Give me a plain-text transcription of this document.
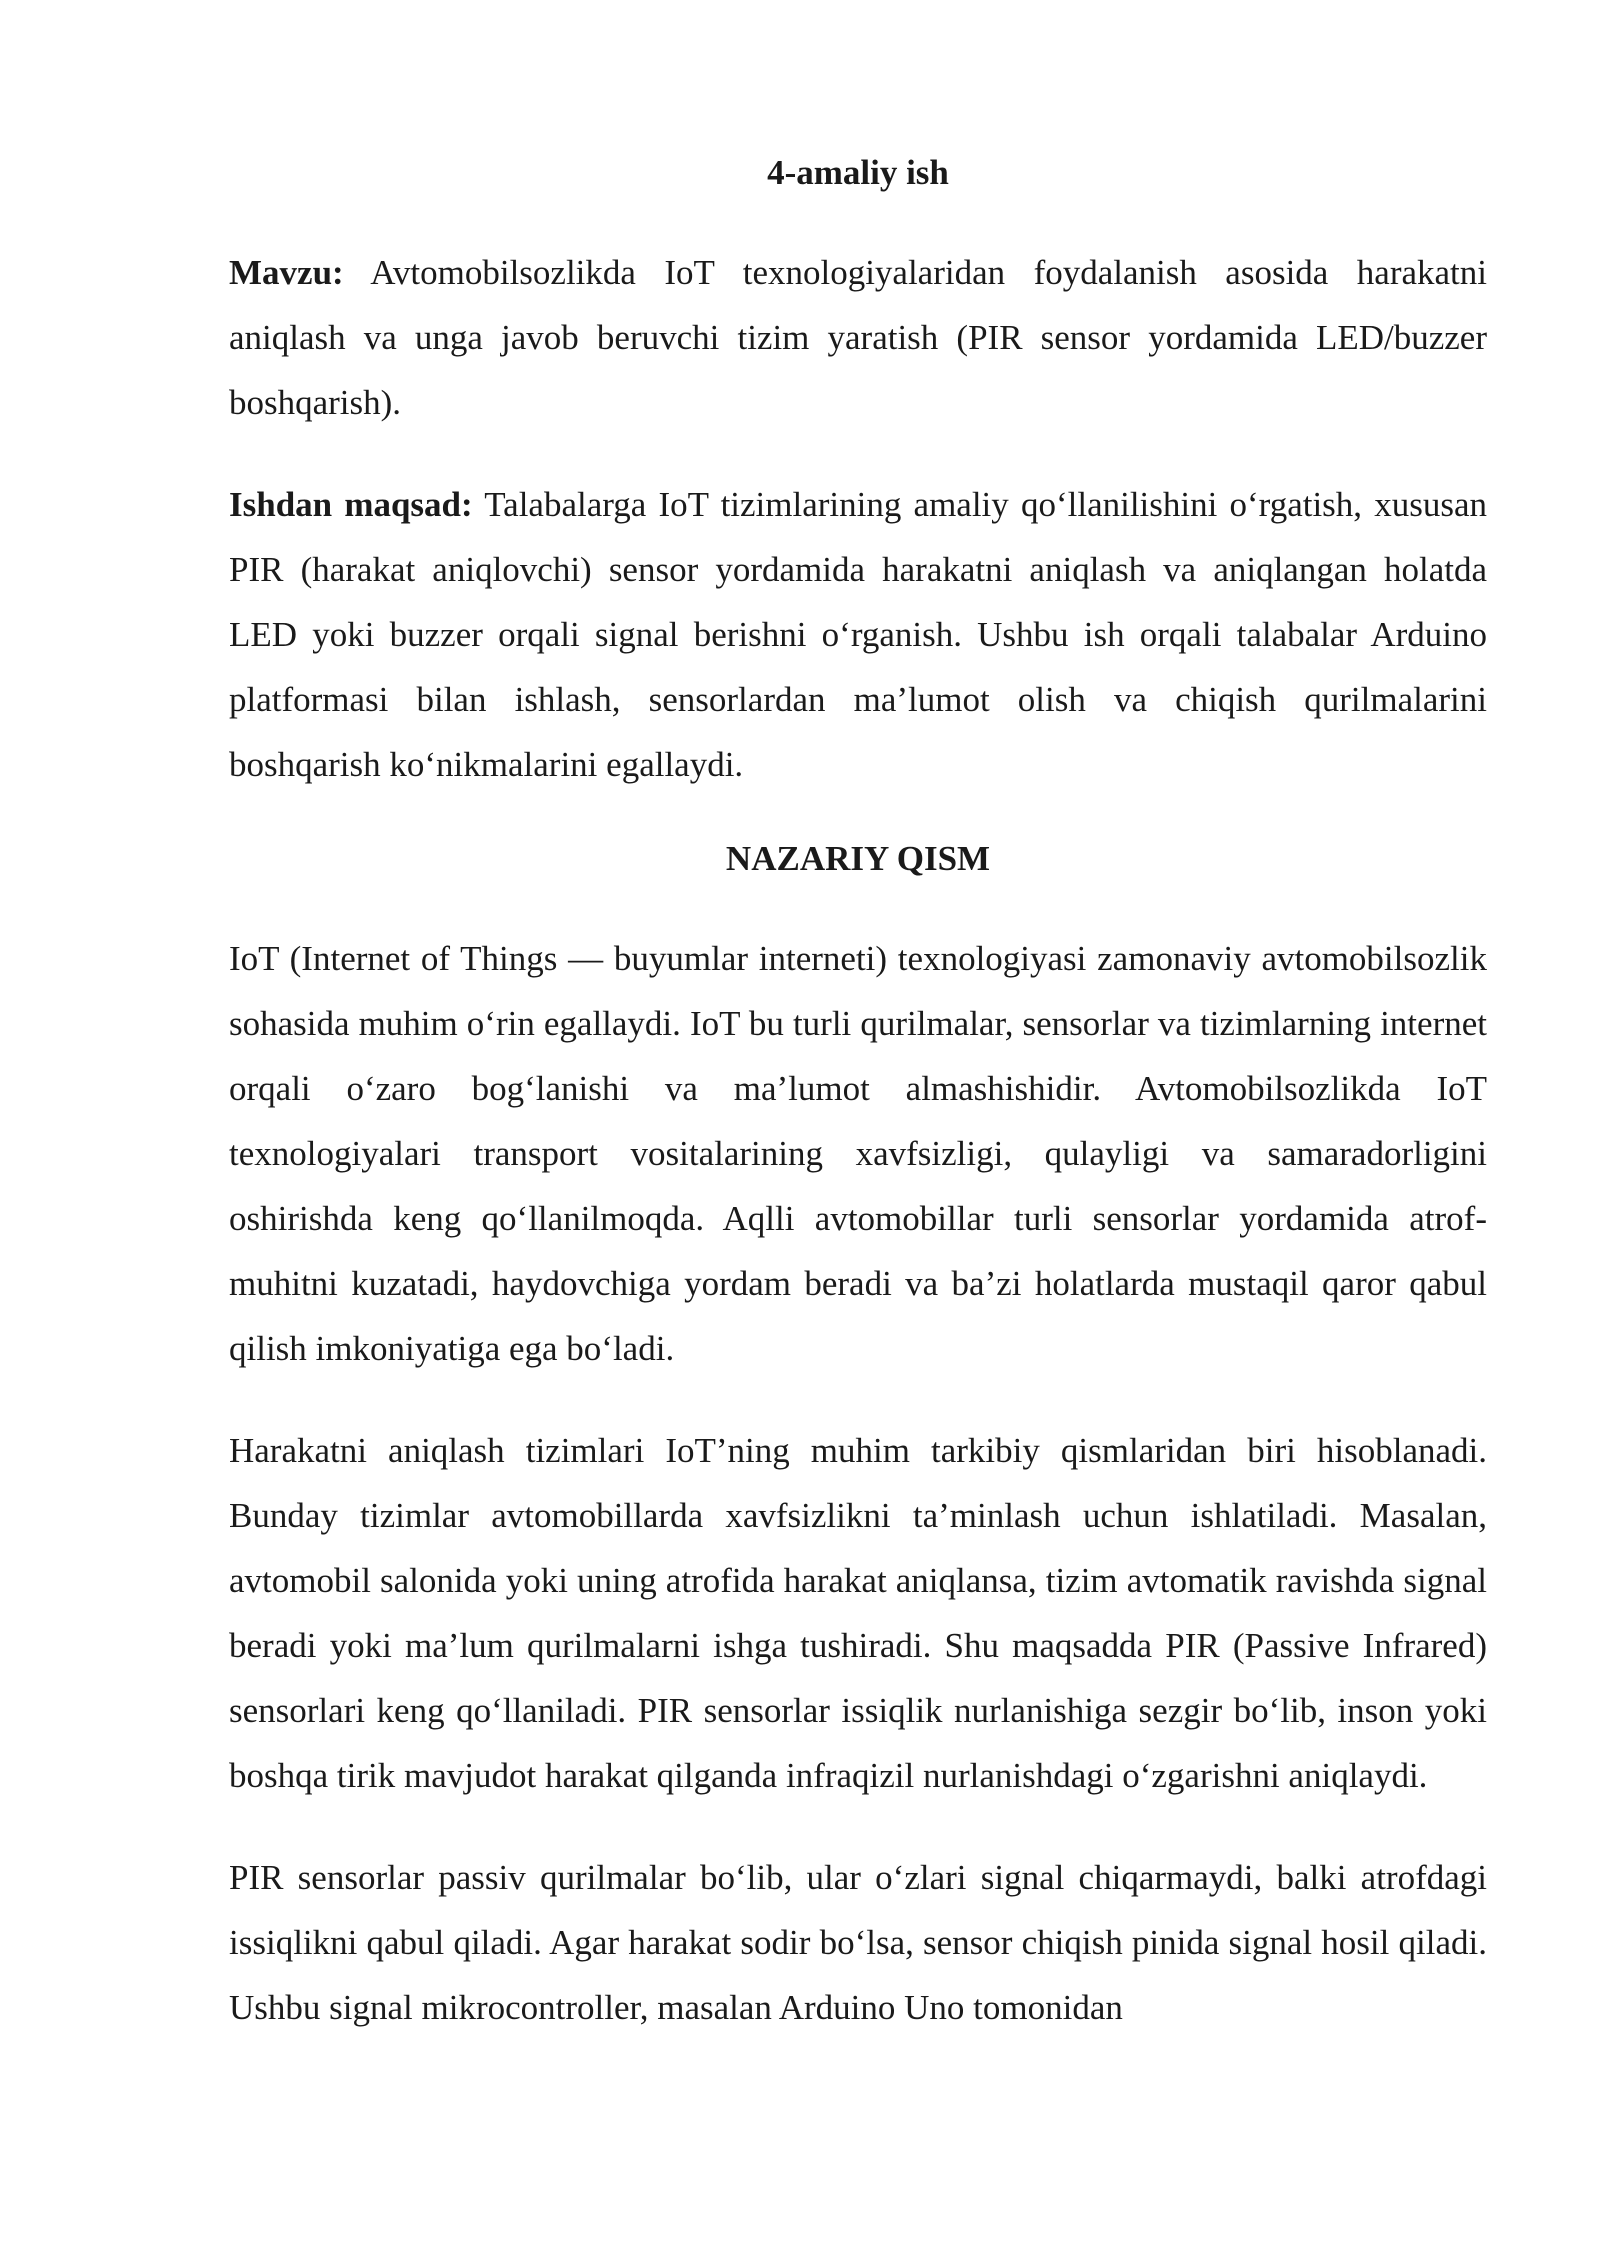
4-amaliy ish

Mavzu: Avtomobilsozlikda IoT texnologiyalaridan foydalanish asosida harakatni aniqlash va unga javob beruvchi tizim yaratish (PIR sensor yordamida LED/buzzer boshqarish).

Ishdan maqsad: Talabalarga IoT tizimlarining amaliy qo‘llanilishini o‘rgatish, xususan PIR (harakat aniqlovchi) sensor yordamida harakatni aniqlash va aniqlangan holatda LED yoki buzzer orqali signal berishni o‘rganish. Ushbu ish orqali talabalar Arduino platformasi bilan ishlash, sensorlardan ma’lumot olish va chiqish qurilmalarini boshqarish ko‘nikmalarini egallaydi.

NAZARIY QISM

IoT (Internet of Things — buyumlar interneti) texnologiyasi zamonaviy avtomobilsozlik sohasida muhim o‘rin egallaydi. IoT bu turli qurilmalar, sensorlar va tizimlarning internet orqali o‘zaro bog‘lanishi va ma’lumot almashishidir. Avtomobilsozlikda IoT texnologiyalari transport vositalarining xavfsizligi, qulayligi va samaradorligini oshirishda keng qo‘llanilmoqda. Aqlli avtomobillar turli sensorlar yordamida atrof-muhitni kuzatadi, haydovchiga yordam beradi va ba’zi holatlarda mustaqil qaror qabul qilish imkoniyatiga ega bo‘ladi.

Harakatni aniqlash tizimlari IoT’ning muhim tarkibiy qismlaridan biri hisoblanadi. Bunday tizimlar avtomobillarda xavfsizlikni ta’minlash uchun ishlatiladi. Masalan, avtomobil salonida yoki uning atrofida harakat aniqlansa, tizim avtomatik ravishda signal beradi yoki ma’lum qurilmalarni ishga tushiradi. Shu maqsadda PIR (Passive Infrared) sensorlari keng qo‘llaniladi. PIR sensorlar issiqlik nurlanishiga sezgir bo‘lib, inson yoki boshqa tirik mavjudot harakat qilganda infraqizil nurlanishdagi o‘zgarishni aniqlaydi.

PIR sensorlar passiv qurilmalar bo‘lib, ular o‘zlari signal chiqarmaydi, balki atrofdagi issiqlikni qabul qiladi. Agar harakat sodir bo‘lsa, sensor chiqish pinida signal hosil qiladi. Ushbu signal mikrocontroller, masalan Arduino Uno tomonidan
